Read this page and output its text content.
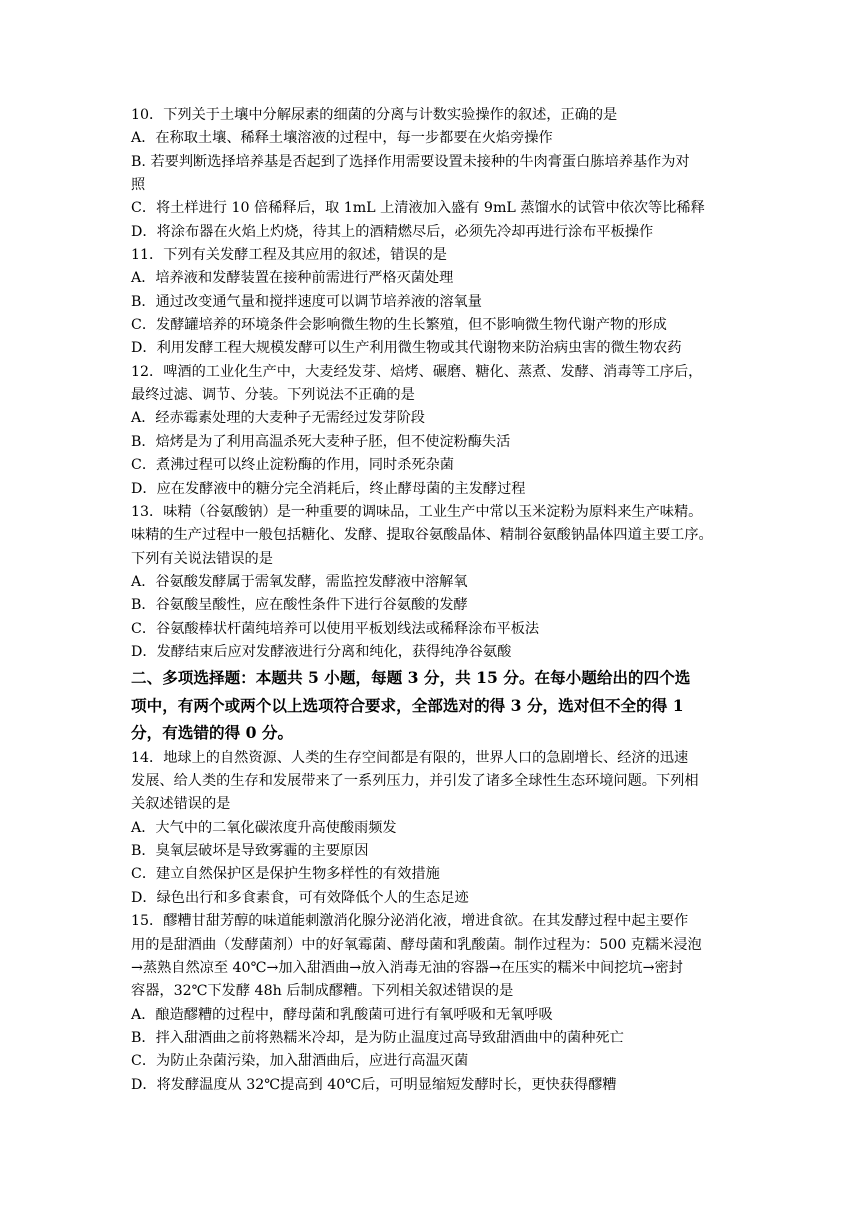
10．下列关于土壤中分解尿素的细菌的分离与计数实验操作的叙述，正确的是
A．在称取土壤、稀释土壤溶液的过程中，每一步都要在火焰旁操作
B. 若要判断选择培养基是否起到了选择作用需要设置未接种的牛肉膏蛋白胨培养基作为对
照
C．将土样进行 10 倍稀释后，取 1mL 上清液加入盛有 9mL 蒸馏水的试管中依次等比稀释
D．将涂布器在火焰上灼烧，待其上的酒精燃尽后，必须先冷却再进行涂布平板操作
11．下列有关发酵工程及其应用的叙述，错误的是
A．培养液和发酵装置在接种前需进行严格灭菌处理
B．通过改变通气量和搅拌速度可以调节培养液的溶氧量
C．发酵罐培养的环境条件会影响微生物的生长繁殖，但不影响微生物代谢产物的形成
D．利用发酵工程大规模发酵可以生产利用微生物或其代谢物来防治病虫害的微生物农药
12．啤酒的工业化生产中，大麦经发芽、焙烤、碾磨、糖化、蒸煮、发酵、消毒等工序后，
最终过滤、调节、分装。下列说法不正确的是
A．经赤霉素处理的大麦种子无需经过发芽阶段
B．焙烤是为了利用高温杀死大麦种子胚，但不使淀粉酶失活
C．煮沸过程可以终止淀粉酶的作用，同时杀死杂菌
D．应在发酵液中的糖分完全消耗后，终止酵母菌的主发酵过程
13．味精（谷氨酸钠）是一种重要的调味品，工业生产中常以玉米淀粉为原料来生产味精。
味精的生产过程中一般包括糖化、发酵、提取谷氨酸晶体、精制谷氨酸钠晶体四道主要工序。
下列有关说法错误的是
A．谷氨酸发酵属于需氧发酵，需监控发酵液中溶解氧
B．谷氨酸呈酸性，应在酸性条件下进行谷氨酸的发酵
C．谷氨酸棒状杆菌纯培养可以使用平板划线法或稀释涂布平板法
D．发酵结束后应对发酵液进行分离和纯化，获得纯净谷氨酸
二、多项选择题：本题共 5 小题，每题 3 分，共 15 分。在每小题给出的四个选
项中，有两个或两个以上选项符合要求，全部选对的得 3 分，选对但不全的得 1
分，有选错的得 0 分。
14．地球上的自然资源、人类的生存空间都是有限的，世界人口的急剧增长、经济的迅速
发展、给人类的生存和发展带来了一系列压力，并引发了诸多全球性生态环境问题。下列相
关叙述错误的是
A．大气中的二氧化碳浓度升高使酸雨频发
B．臭氧层破坏是导致雾霾的主要原因
C．建立自然保护区是保护生物多样性的有效措施
D．绿色出行和多食素食，可有效降低个人的生态足迹
15．醪糟甘甜芳醇的味道能刺激消化腺分泌消化液，增进食欲。在其发酵过程中起主要作
用的是甜酒曲（发酵菌剂）中的好氧霉菌、酵母菌和乳酸菌。制作过程为：500 克糯米浸泡
→蒸熟自然凉至 40℃→加入甜酒曲→放入消毒无油的容器→在压实的糯米中间挖坑→密封
容器，32℃下发酵 48h 后制成醪糟。下列相关叙述错误的是
A．酿造醪糟的过程中，酵母菌和乳酸菌可进行有氧呼吸和无氧呼吸
B．拌入甜酒曲之前将熟糯米冷却，是为防止温度过高导致甜酒曲中的菌种死亡
C．为防止杂菌污染，加入甜酒曲后，应进行高温灭菌
D．将发酵温度从 32℃提高到 40℃后，可明显缩短发酵时长，更快获得醪糟
